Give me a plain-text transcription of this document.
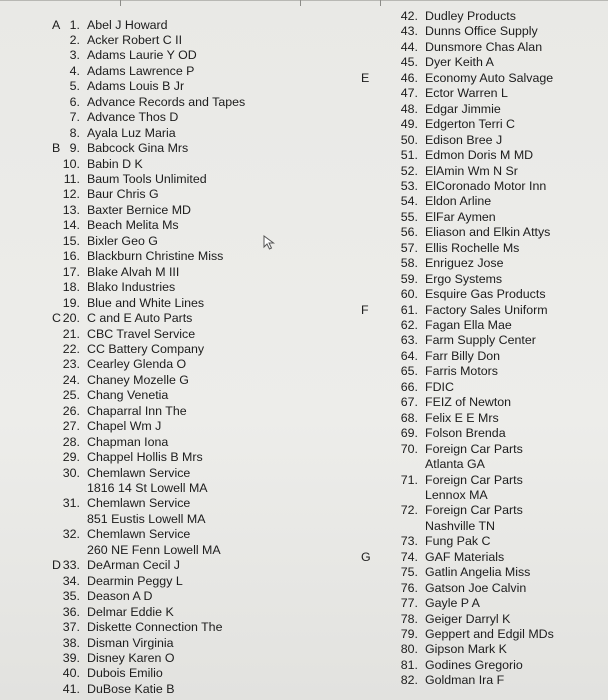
1. Abel J Howard
A
2. Acker Robert C II
3. Adams Laurie Y OD
4. Adams Lawrence P
5. Adams Louis B Jr
6. Advance Records and Tapes
7. Advance Thos D
8. Ayala Luz Maria
9. Babcock Gina Mrs
B
10. Babin D K
11. Baum Tools Unlimited
12. Baur Chris G
13. Baxter Bernice MD
14. Beach Melita Ms
15. Bixler Geo G
16. Blackburn Christine Miss
17. Blake Alvah M III
18. Blako Industries
19. Blue and White Lines
20. C and E Auto Parts
C
21. CBC Travel Service
22. CC Battery Company
23. Cearley Glenda O
24. Chaney Mozelle G
25. Chang Venetia
26. Chaparral Inn The
27. Chapel Wm J
28. Chapman Iona
29. Chappel Hollis B Mrs
30. Chemlawn Service
1816 14 St Lowell MA
31. Chemlawn Service
851 Eustis Lowell MA
32. Chemlawn Service
260 NE Fenn Lowell MA
33. DeArman Cecil J
D
34. Dearmin Peggy L
35. Deason A D
36. Delmar Eddie K
37. Diskette Connection The
38. Disman Virginia
39. Disney Karen O
40. Dubois Emilio
41. DuBose Katie B
42. Dudley Products
43. Dunns Office Supply
44. Dunsmore Chas Alan
45. Dyer Keith A
46. Economy Auto Salvage
E
47. Ector Warren L
48. Edgar Jimmie
49. Edgerton Terri C
50. Edison Bree J
51. Edmon Doris M MD
52. ElAmin Wm N Sr
53. ElCoronado Motor Inn
54. Eldon Arline
55. ElFar Aymen
56. Eliason and Elkin Attys
57. Ellis Rochelle Ms
58. Enriguez Jose
59. Ergo Systems
60. Esquire Gas Products
61. Factory Sales Uniform
F
62. Fagan Ella Mae
63. Farm Supply Center
64. Farr Billy Don
65. Farris Motors
66. FDIC
67. FEIZ of Newton
68. Felix E E Mrs
69. Folson Brenda
70. Foreign Car Parts
Atlanta GA
71. Foreign Car Parts
Lennox MA
72. Foreign Car Parts
Nashville TN
73. Fung Pak C
74. GAF Materials
G
75. Gatlin Angelia Miss
76. Gatson Joe Calvin
77. Gayle P A
78. Geiger Darryl K
79. Geppert and Edgil MDs
80. Gipson Mark K
81. Godines Gregorio
82. Goldman Ira F
